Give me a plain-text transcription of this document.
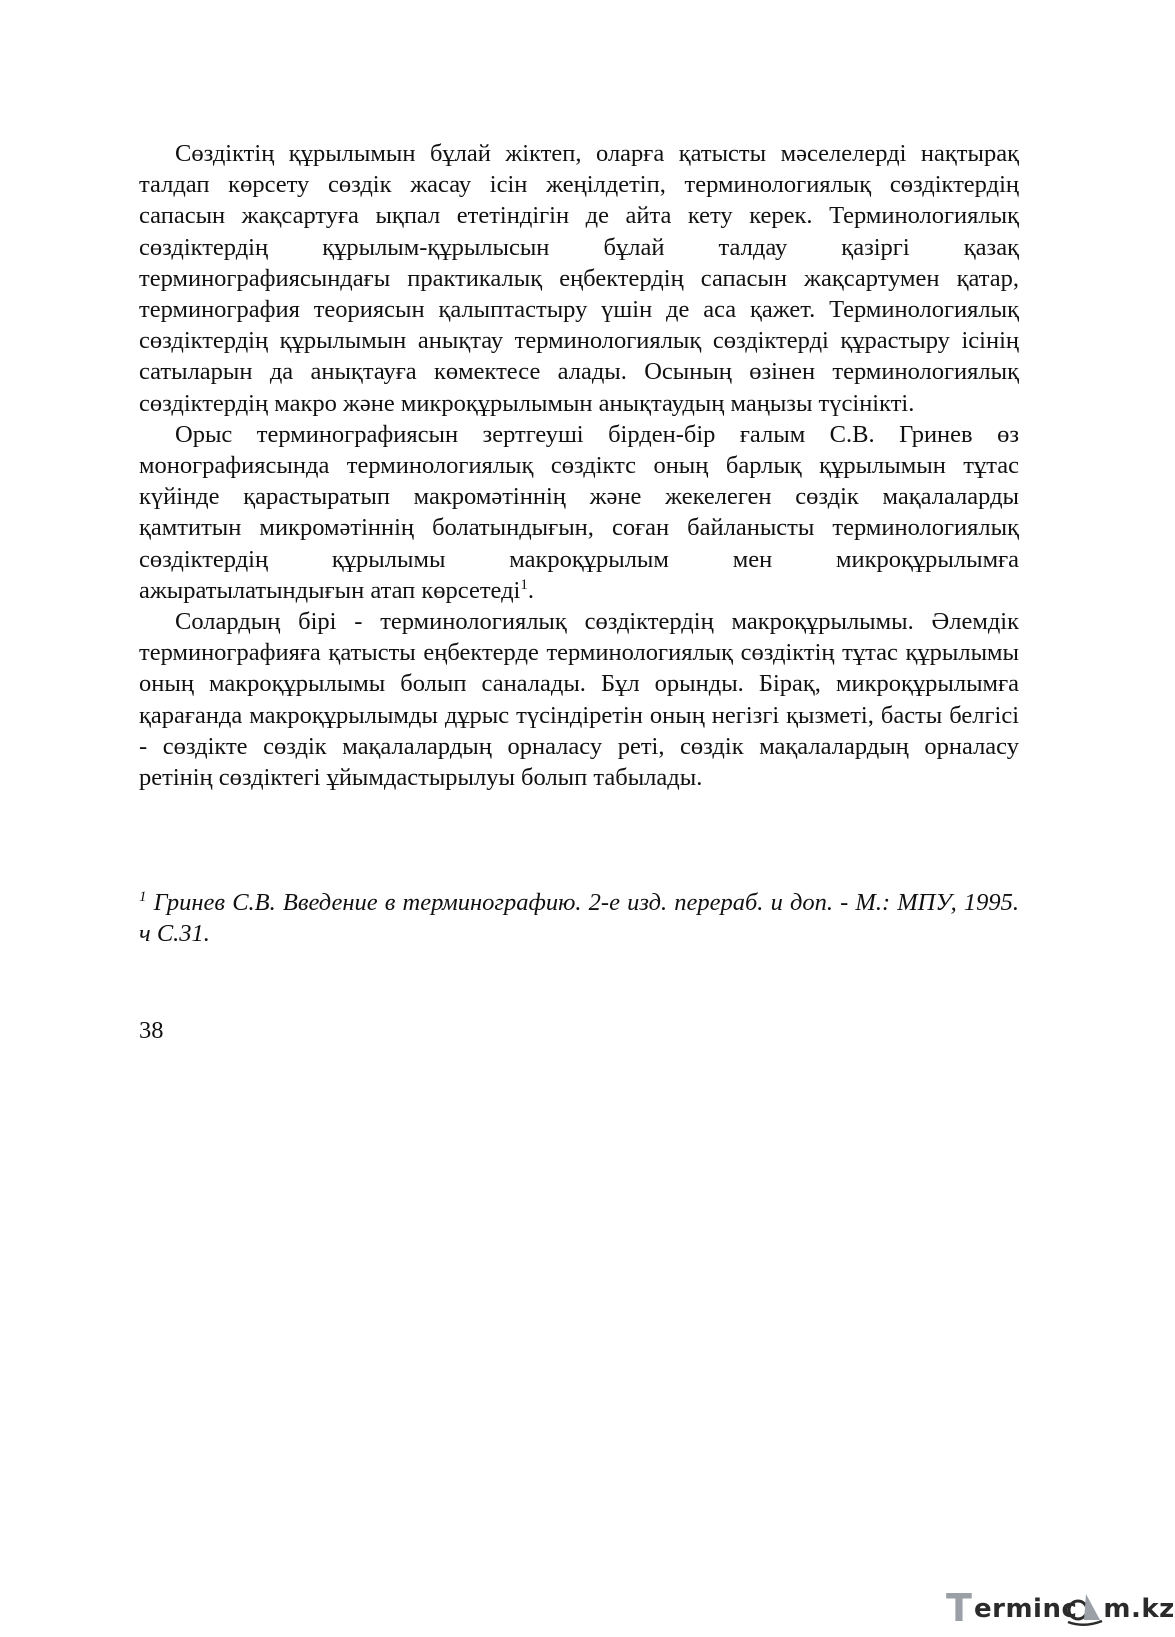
Сөздіктің құрылымын бұлай жіктеп, оларға қатысты мәселелерді нақтырақ талдап көрсету сөздік жасау ісін жеңілдетіп, терминологиялық сөздіктердің сапасын жақсартуға ықпал ететіндігін де айта кету керек. Терминологиялық сөздіктердің құрылым-құрылысын бұлай талдау қазіргі қазақ терминографиясындағы практикалық еңбектердің сапасын жақсартумен қатар, терминография теориясын қалыптастыру үшін де аса қажет. Терминологиялық сөздіктердің құрылымын анықтау терминологиялық сөздіктерді құрастыру ісінің сатыларын да анықтауға көмектесе алады. Осының өзінен терминологиялық сөздіктердің макро және микроқұрылымын анықтаудың маңызы түсінікті.

Орыс терминографиясын зертгеуші бірден-бір ғалым С.В. Гринев өз монографиясында терминологиялық сөздіктс оның барлық құрылымын тұтас күйінде қарастыратып макромәтіннің және жекелеген сөздік мақалаларды қамтитын микромәтіннің болатындығын, соған байланысты терминологиялық сөздіктердің құрылымы макроқұрылым мен микроқұрылымға ажыратылатындығын атап көрсетеді$^1$.

Солардың бірі - терминологиялық сөздіктердің макроқұрылымы. Әлемдік терминографияға қатысты еңбектерде терминологиялық сөздіктің тұтас құрылымы оның макроқұрылымы болып саналады. Бұл орынды. Бірақ, микроқұрылымға қарағанда макроқұрылымды дұрыс түсіндіретін оның негізгі қызметі, басты белгісі - сөздікте сөздік мақалалардың орналасу реті, сөздік мақалалардың орналасу ретінің сөздіктегі ұйымдастырылуы болып табылады.

$^1$ Гринев С.В. Введение в терминографию. 2-е изд. перераб. и доп. - М.: МПУ, 1995. ч С.31.
38
T erminc m.kz
